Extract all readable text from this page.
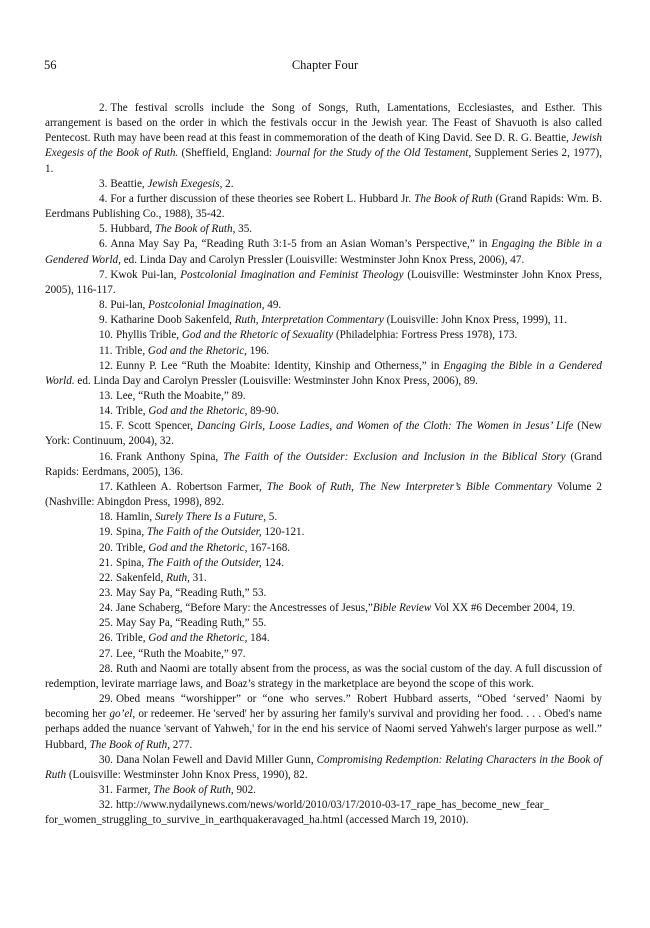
56	Chapter Four

2. The festival scrolls include the Song of Songs, Ruth, Lamentations, Ecclesiastes, and Esther. This arrangement is based on the order in which the festivals occur in the Jewish year. The Feast of Shavuoth is also called Pentecost. Ruth may have been read at this feast in commemoration of the death of King David. See D. R. G. Beattie, Jewish Exegesis of the Book of Ruth. (Sheffield, England: Journal for the Study of the Old Testament, Supplement Series 2, 1977), 1.

3. Beattie, Jewish Exegesis, 2.

4. For a further discussion of these theories see Robert L. Hubbard Jr. The Book of Ruth (Grand Rapids: Wm. B. Eerdmans Publishing Co., 1988), 35-42.

5. Hubbard, The Book of Ruth, 35.

6. Anna May Say Pa, “Reading Ruth 3:1-5 from an Asian Woman’s Perspective,” in Engaging the Bible in a Gendered World, ed. Linda Day and Carolyn Pressler (Louisville: Westminster John Knox Press, 2006), 47.

7. Kwok Pui-lan, Postcolonial Imagination and Feminist Theology (Louisville: Westminster John Knox Press, 2005), 116-117.

8. Pui-lan, Postcolonial Imagination, 49.

9. Katharine Doob Sakenfeld, Ruth, Interpretation Commentary (Louisville: John Knox Press, 1999), 11.

10. Phyllis Trible, God and the Rhetoric of Sexuality (Philadelphia: Fortress Press 1978), 173.

11. Trible, God and the Rhetoric, 196.

12. Eunny P. Lee “Ruth the Moabite: Identity, Kinship and Otherness,” in Engaging the Bible in a Gendered World. ed. Linda Day and Carolyn Pressler (Louisville: Westminster John Knox Press, 2006), 89.

13. Lee, “Ruth the Moabite,” 89.

14. Trible, God and the Rhetoric, 89-90.

15. F. Scott Spencer, Dancing Girls, Loose Ladies, and Women of the Cloth: The Women in Jesus’ Life (New York: Continuum, 2004), 32.

16. Frank Anthony Spina, The Faith of the Outsider: Exclusion and Inclusion in the Biblical Story (Grand Rapids: Eerdmans, 2005), 136.

17. Kathleen A. Robertson Farmer, The Book of Ruth, The New Interpreter’s Bible Commentary Volume 2 (Nashville: Abingdon Press, 1998), 892.

18. Hamlin, Surely There Is a Future, 5.

19. Spina, The Faith of the Outsider, 120-121.

20. Trible, God and the Rhetoric, 167-168.

21. Spina, The Faith of the Outsider, 124.

22. Sakenfeld, Ruth, 31.

23. May Say Pa, “Reading Ruth,” 53.

24. Jane Schaberg, “Before Mary: the Ancestresses of Jesus,”Bible Review Vol XX #6 December 2004, 19.

25. May Say Pa, “Reading Ruth,” 55.

26. Trible, God and the Rhetoric, 184.

27. Lee, “Ruth the Moabite,” 97.

28. Ruth and Naomi are totally absent from the process, as was the social custom of the day. A full discussion of redemption, levirate marriage laws, and Boaz’s strategy in the marketplace are beyond the scope of this work.

29. Obed means “worshipper” or “one who serves.” Robert Hubbard asserts, “Obed ‘served’ Naomi by becoming her go’el, or redeemer. He 'served' her by assuring her family's survival and providing her food. . . . Obed's name perhaps added the nuance 'servant of Yahweh,' for in the end his service of Naomi served Yahweh's larger purpose as well.” Hubbard, The Book of Ruth, 277.

30. Dana Nolan Fewell and David Miller Gunn, Compromising Redemption: Relating Characters in the Book of Ruth (Louisville: Westminster John Knox Press, 1990), 82.

31. Farmer, The Book of Ruth, 902.

32. http://www.nydailynews.com/news/world/2010/03/17/2010-03-17_rape_has_become_new_fear_ for_women_struggling_to_survive_in_earthquakeravaged_ha.html (accessed March 19, 2010).
